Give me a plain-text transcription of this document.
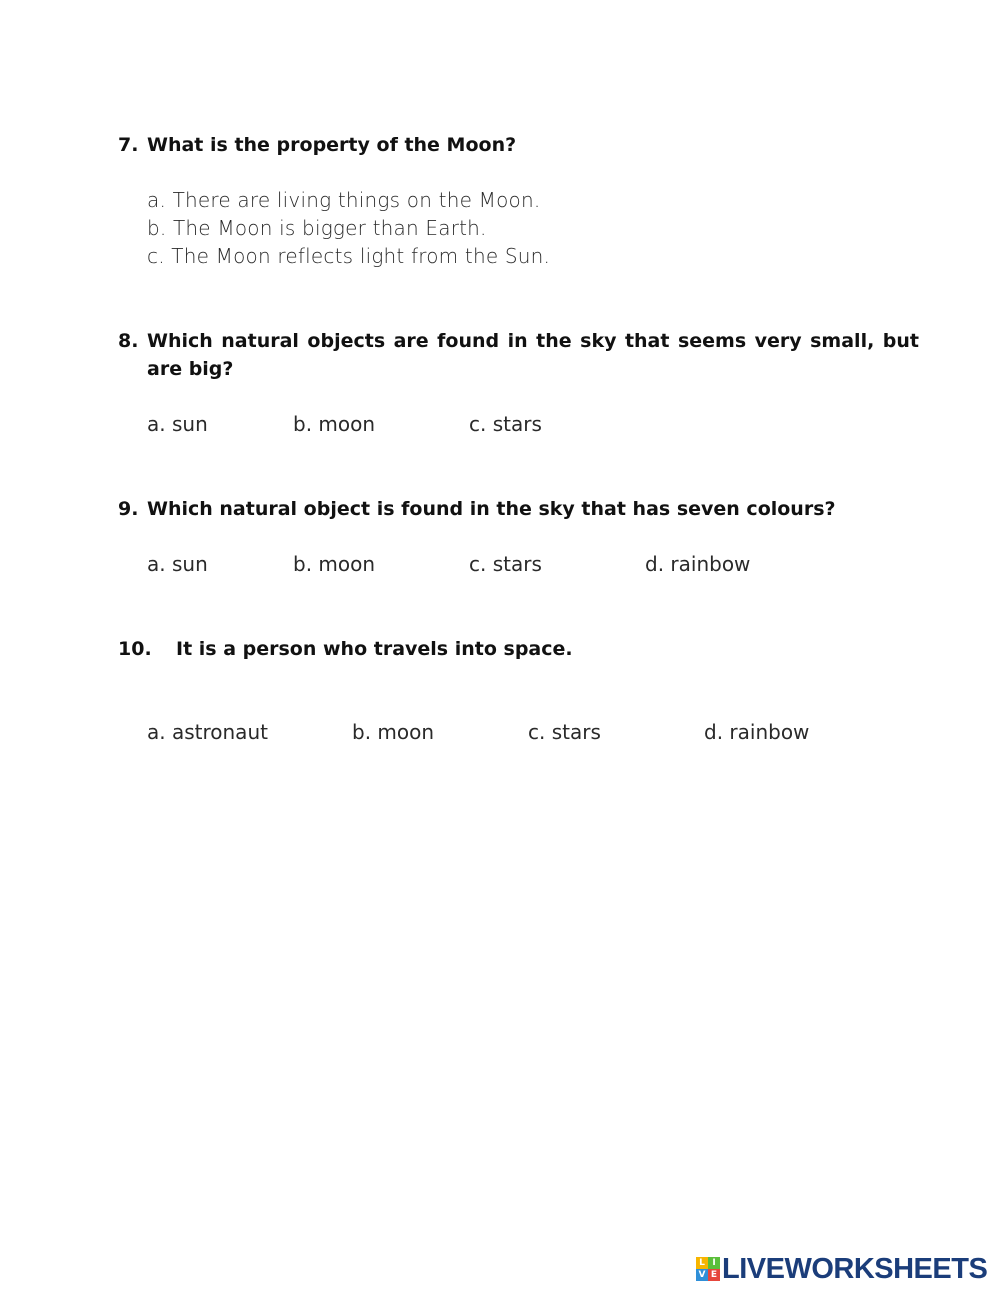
7. What is the property of the Moon?
a. There are living things on the Moon.
b. The Moon is bigger than Earth.
c. The Moon reflects light from the Sun.
8. Which natural objects are found in the sky that seems very small, but are big?
a. sun	b. moon	c. stars
9. Which natural object is found in the sky that has seven colours?
a. sun	b. moon	c. stars	d. rainbow
10. It is a person who travels into space.
a. astronaut	b. moon	c. stars	d. rainbow
L I
V E LIVEWORKSHEETS
